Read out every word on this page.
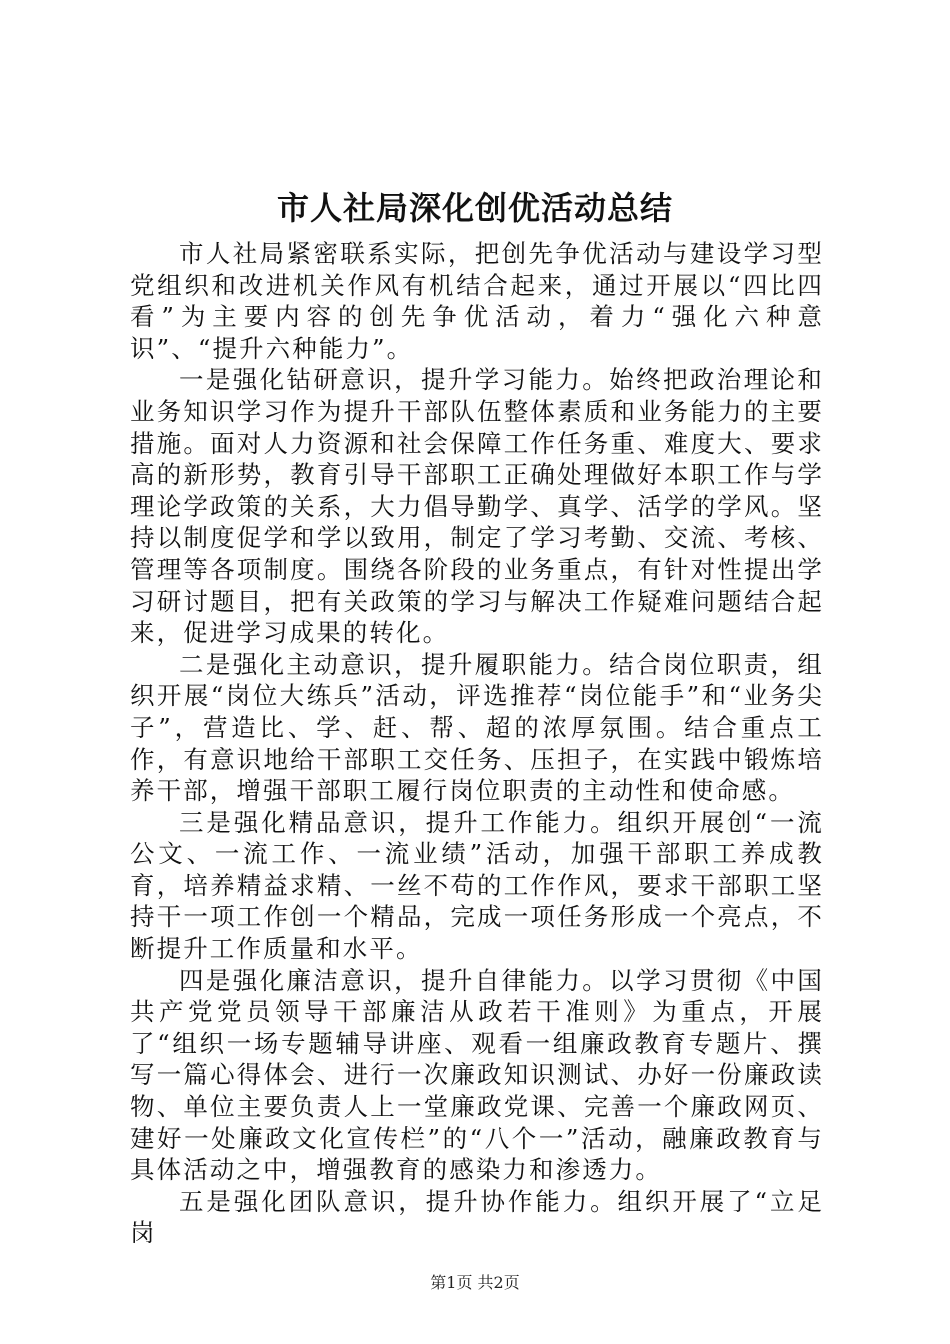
市人社局深化创优活动总结

市人社局紧密联系实际，把创先争优活动与建设学习型党组织和改进机关作风有机结合起来，通过开展以“四比四看”为主要内容的创先争优活动，着力“强化六种意识”、“提升六种能力”。

一是强化钻研意识，提升学习能力。始终把政治理论和业务知识学习作为提升干部队伍整体素质和业务能力的主要措施。面对人力资源和社会保障工作任务重、难度大、要求高的新形势，教育引导干部职工正确处理做好本职工作与学理论学政策的关系，大力倡导勤学、真学、活学的学风。坚持以制度促学和学以致用，制定了学习考勤、交流、考核、管理等各项制度。围绕各阶段的业务重点，有针对性提出学习研讨题目，把有关政策的学习与解决工作疑难问题结合起来，促进学习成果的转化。

二是强化主动意识，提升履职能力。结合岗位职责，组织开展“岗位大练兵”活动，评选推荐“岗位能手”和“业务尖子”，营造比、学、赶、帮、超的浓厚氛围。结合重点工作，有意识地给干部职工交任务、压担子，在实践中锻炼培养干部，增强干部职工履行岗位职责的主动性和使命感。

三是强化精品意识，提升工作能力。组织开展创“一流公文、一流工作、一流业绩”活动，加强干部职工养成教育，培养精益求精、一丝不苟的工作作风，要求干部职工坚持干一项工作创一个精品，完成一项任务形成一个亮点，不断提升工作质量和水平。

四是强化廉洁意识，提升自律能力。以学习贯彻《中国共产党党员领导干部廉洁从政若干准则》为重点，开展了“组织一场专题辅导讲座、观看一组廉政教育专题片、撰写一篇心得体会、进行一次廉政知识测试、办好一份廉政读物、单位主要负责人上一堂廉政党课、完善一个廉政网页、建好一处廉政文化宣传栏”的“八个一”活动，融廉政教育与具体活动之中，增强教育的感染力和渗透力。

五是强化团队意识，提升协作能力。组织开展了“立足岗

第1页 共2页
